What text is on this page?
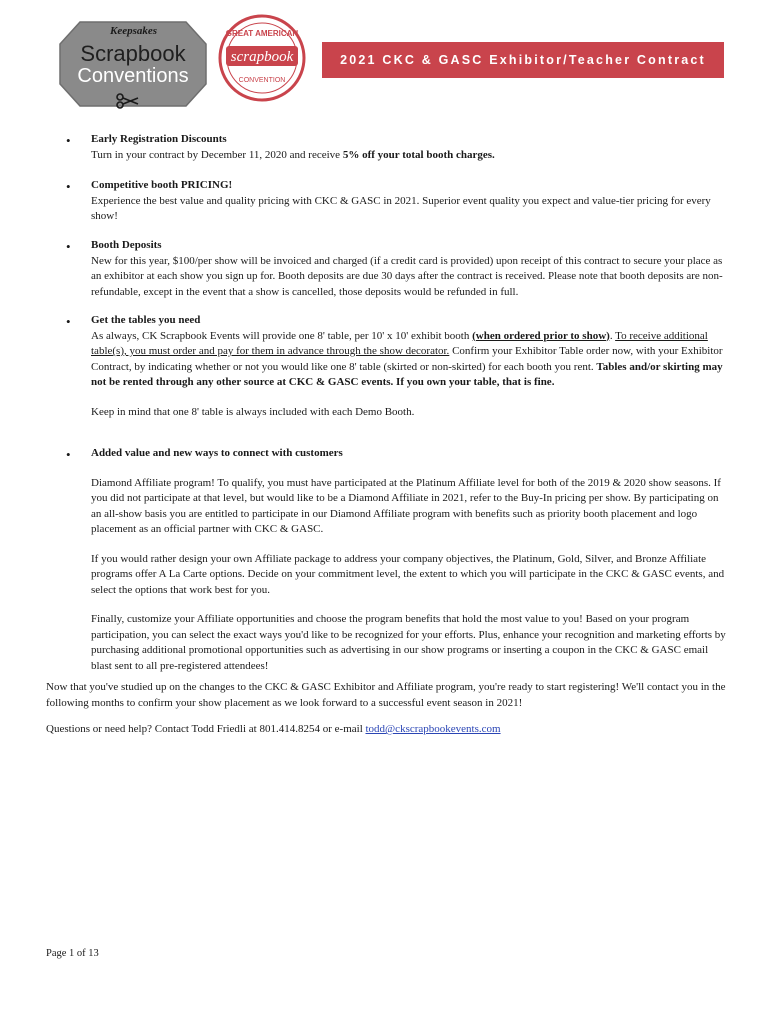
Keepsakes
Scrapbook
Conventions
GREAT AMERICAN
scrapbook
CONVENTION
2021 CKC & GASC Exhibitor/Teacher Contract
•
Early Registration Discounts
Turn in your contract by December 11, 2020 and receive 5% off your total booth charges.
•
Competitive booth PRICING!
Experience the best value and quality pricing with CKC & GASC in 2021. Superior event quality you expect and value-tier pricing for every show!
•
Booth Deposits
New for this year, $100/per show will be invoiced and charged (if a credit card is provided) upon receipt of this contract to secure your place as an exhibitor at each show you sign up for. Booth deposits are due 30 days after the contract is received. Please note that booth deposits are non-refundable, except in the event that a show is cancelled, those deposits would be refunded in full.
•
Get the tables you need
As always, CK Scrapbook Events will provide one 8' table, per 10' x 10' exhibit booth (when ordered prior to show). To receive additional table(s), you must order and pay for them in advance through the show decorator. Confirm your Exhibitor Table order now, with your Exhibitor Contract, by indicating whether or not you would like one 8' table (skirted or non-skirted) for each booth you rent. Tables and/or skirting may not be rented through any other source at CKC & GASC events. If you own your table, that is fine.
Keep in mind that one 8' table is always included with each Demo Booth.
•
Added value and new ways to connect with customers
Diamond Affiliate program! To qualify, you must have participated at the Platinum Affiliate level for both of the 2019 & 2020 show seasons. If you did not participate at that level, but would like to be a Diamond Affiliate in 2021, refer to the Buy-In pricing per show. By participating on an all-show basis you are entitled to participate in our Diamond Affiliate program with benefits such as priority booth placement and logo placement as an official partner with CKC & GASC.
If you would rather design your own Affiliate package to address your company objectives, the Platinum, Gold, Silver, and Bronze Affiliate programs offer A La Carte options. Decide on your commitment level, the extent to which you will participate in the CKC & GASC events, and select the options that work best for you.
Finally, customize your Affiliate opportunities and choose the program benefits that hold the most value to you! Based on your program participation, you can select the exact ways you'd like to be recognized for your efforts. Plus, enhance your recognition and marketing efforts by purchasing additional promotional opportunities such as advertising in our show programs or inserting a coupon in the CKC & GASC email blast sent to all pre-registered attendees!
Now that you've studied up on the changes to the CKC & GASC Exhibitor and Affiliate program, you're ready to start registering! We'll contact you in the following months to confirm your show placement as we look forward to a successful event season in 2021!
Questions or need help? Contact Todd Friedli at 801.414.8254 or e-mail todd@ckscrapbookevents.com
Page 1 of 13
